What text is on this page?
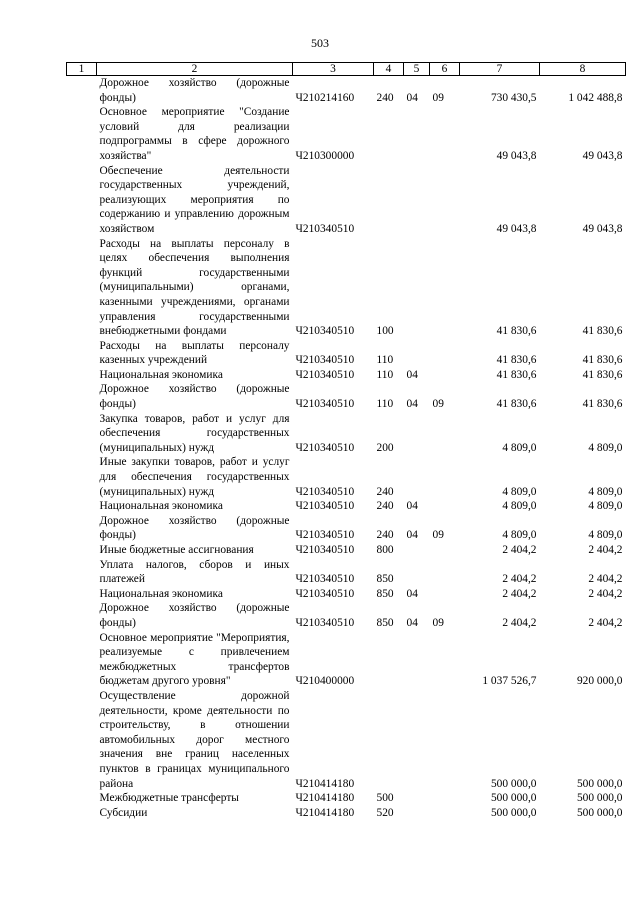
503
1	2	3	4	5	6	7	8
	Дорожное хозяйство (дорожные фонды)	Ч210214160	240	04	09	730 430,5	1 042 488,8
	Основное мероприятие "Создание условий для реализации подпрограммы в сфере дорожного хозяйства"	Ч210300000				49 043,8	49 043,8
	Обеспечение деятельности государственных учреждений, реализующих мероприятия по содержанию и управлению дорожным хозяйством	Ч210340510				49 043,8	49 043,8
	Расходы на выплаты персоналу в целях обеспечения выполнения функций государственными (муниципальными) органами, казенными учреждениями, органами управления государственными внебюджетными фондами	Ч210340510	100			41 830,6	41 830,6
	Расходы на выплаты персоналу казенных учреждений	Ч210340510	110			41 830,6	41 830,6
	Национальная экономика	Ч210340510	110	04		41 830,6	41 830,6
	Дорожное хозяйство (дорожные фонды)	Ч210340510	110	04	09	41 830,6	41 830,6
	Закупка товаров, работ и услуг для обеспечения государственных (муниципальных) нужд	Ч210340510	200			4 809,0	4 809,0
	Иные закупки товаров, работ и услуг для обеспечения государственных (муниципальных) нужд	Ч210340510	240			4 809,0	4 809,0
	Национальная экономика	Ч210340510	240	04		4 809,0	4 809,0
	Дорожное хозяйство (дорожные фонды)	Ч210340510	240	04	09	4 809,0	4 809,0
	Иные бюджетные ассигнования	Ч210340510	800			2 404,2	2 404,2
	Уплата налогов, сборов и иных платежей	Ч210340510	850			2 404,2	2 404,2
	Национальная экономика	Ч210340510	850	04		2 404,2	2 404,2
	Дорожное хозяйство (дорожные фонды)	Ч210340510	850	04	09	2 404,2	2 404,2
	Основное мероприятие "Мероприятия, реализуемые с привлечением межбюджетных трансфертов бюджетам другого уровня"	Ч210400000				1 037 526,7	920 000,0
	Осуществление дорожной деятельности, кроме деятельности по строительству, в отношении автомобильных дорог местного значения вне границ населенных пунктов в границах муниципального района	Ч210414180				500 000,0	500 000,0
	Межбюджетные трансферты	Ч210414180	500			500 000,0	500 000,0
	Субсидии	Ч210414180	520			500 000,0	500 000,0
